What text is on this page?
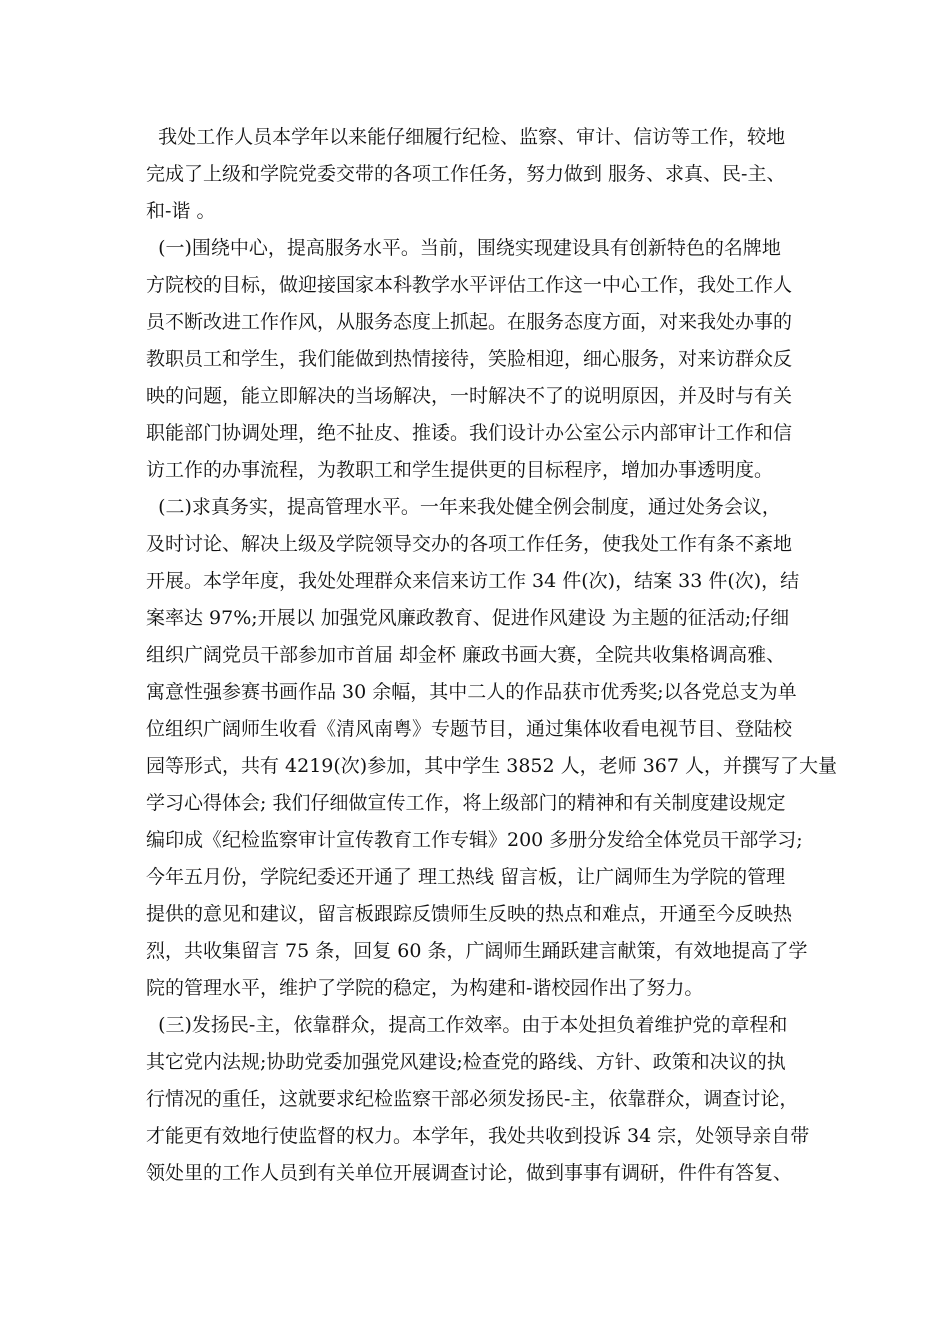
我处工作人员本学年以来能仔细履行纪检、监察、审计、信访等工作，较地
完成了上级和学院党委交带的各项工作任务，努力做到 服务、求真、民-主、
和-谐 。
(一)围绕中心，提高服务水平。当前，围绕实现建设具有创新特色的名牌地
方院校的目标，做迎接国家本科教学水平评估工作这一中心工作，我处工作人
员不断改进工作作风，从服务态度上抓起。在服务态度方面，对来我处办事的
教职员工和学生，我们能做到热情接待，笑脸相迎，细心服务，对来访群众反
映的问题，能立即解决的当场解决，一时解决不了的说明原因，并及时与有关
职能部门协调处理，绝不扯皮、推诿。我们设计办公室公示内部审计工作和信
访工作的办事流程，为教职工和学生提供更的目标程序，增加办事透明度。
(二)求真务实，提高管理水平。一年来我处健全例会制度，通过处务会议，
及时讨论、解决上级及学院领导交办的各项工作任务，使我处工作有条不紊地
开展。本学年度，我处处理群众来信来访工作 34 件(次)，结案 33 件(次)，结
案率达 97%;开展以 加强党风廉政教育、促进作风建设 为主题的征活动;仔细
组织广阔党员干部参加市首届 却金杯 廉政书画大赛，全院共收集格调高雅、
寓意性强参赛书画作品 30 余幅，其中二人的作品获市优秀奖;以各党总支为单
位组织广阔师生收看《清风南粤》专题节目，通过集体收看电视节目、登陆校
园等形式，共有 4219(次)参加，其中学生 3852 人，老师 367 人，并撰写了大量
学习心得体会; 我们仔细做宣传工作，将上级部门的精神和有关制度建设规定
编印成《纪检监察审计宣传教育工作专辑》200 多册分发给全体党员干部学习;
今年五月份，学院纪委还开通了 理工热线 留言板，让广阔师生为学院的管理
提供的意见和建议，留言板跟踪反馈师生反映的热点和难点，开通至今反映热
烈，共收集留言 75 条，回复 60 条，广阔师生踊跃建言献策，有效地提高了学
院的管理水平，维护了学院的稳定，为构建和-谐校园作出了努力。
(三)发扬民-主，依靠群众，提高工作效率。由于本处担负着维护党的章程和
其它党内法规;协助党委加强党风建设;检查党的路线、方针、政策和决议的执
行情况的重任，这就要求纪检监察干部必须发扬民-主，依靠群众，调查讨论，
才能更有效地行使监督的权力。本学年，我处共收到投诉 34 宗，处领导亲自带
领处里的工作人员到有关单位开展调查讨论，做到事事有调研，件件有答复、
